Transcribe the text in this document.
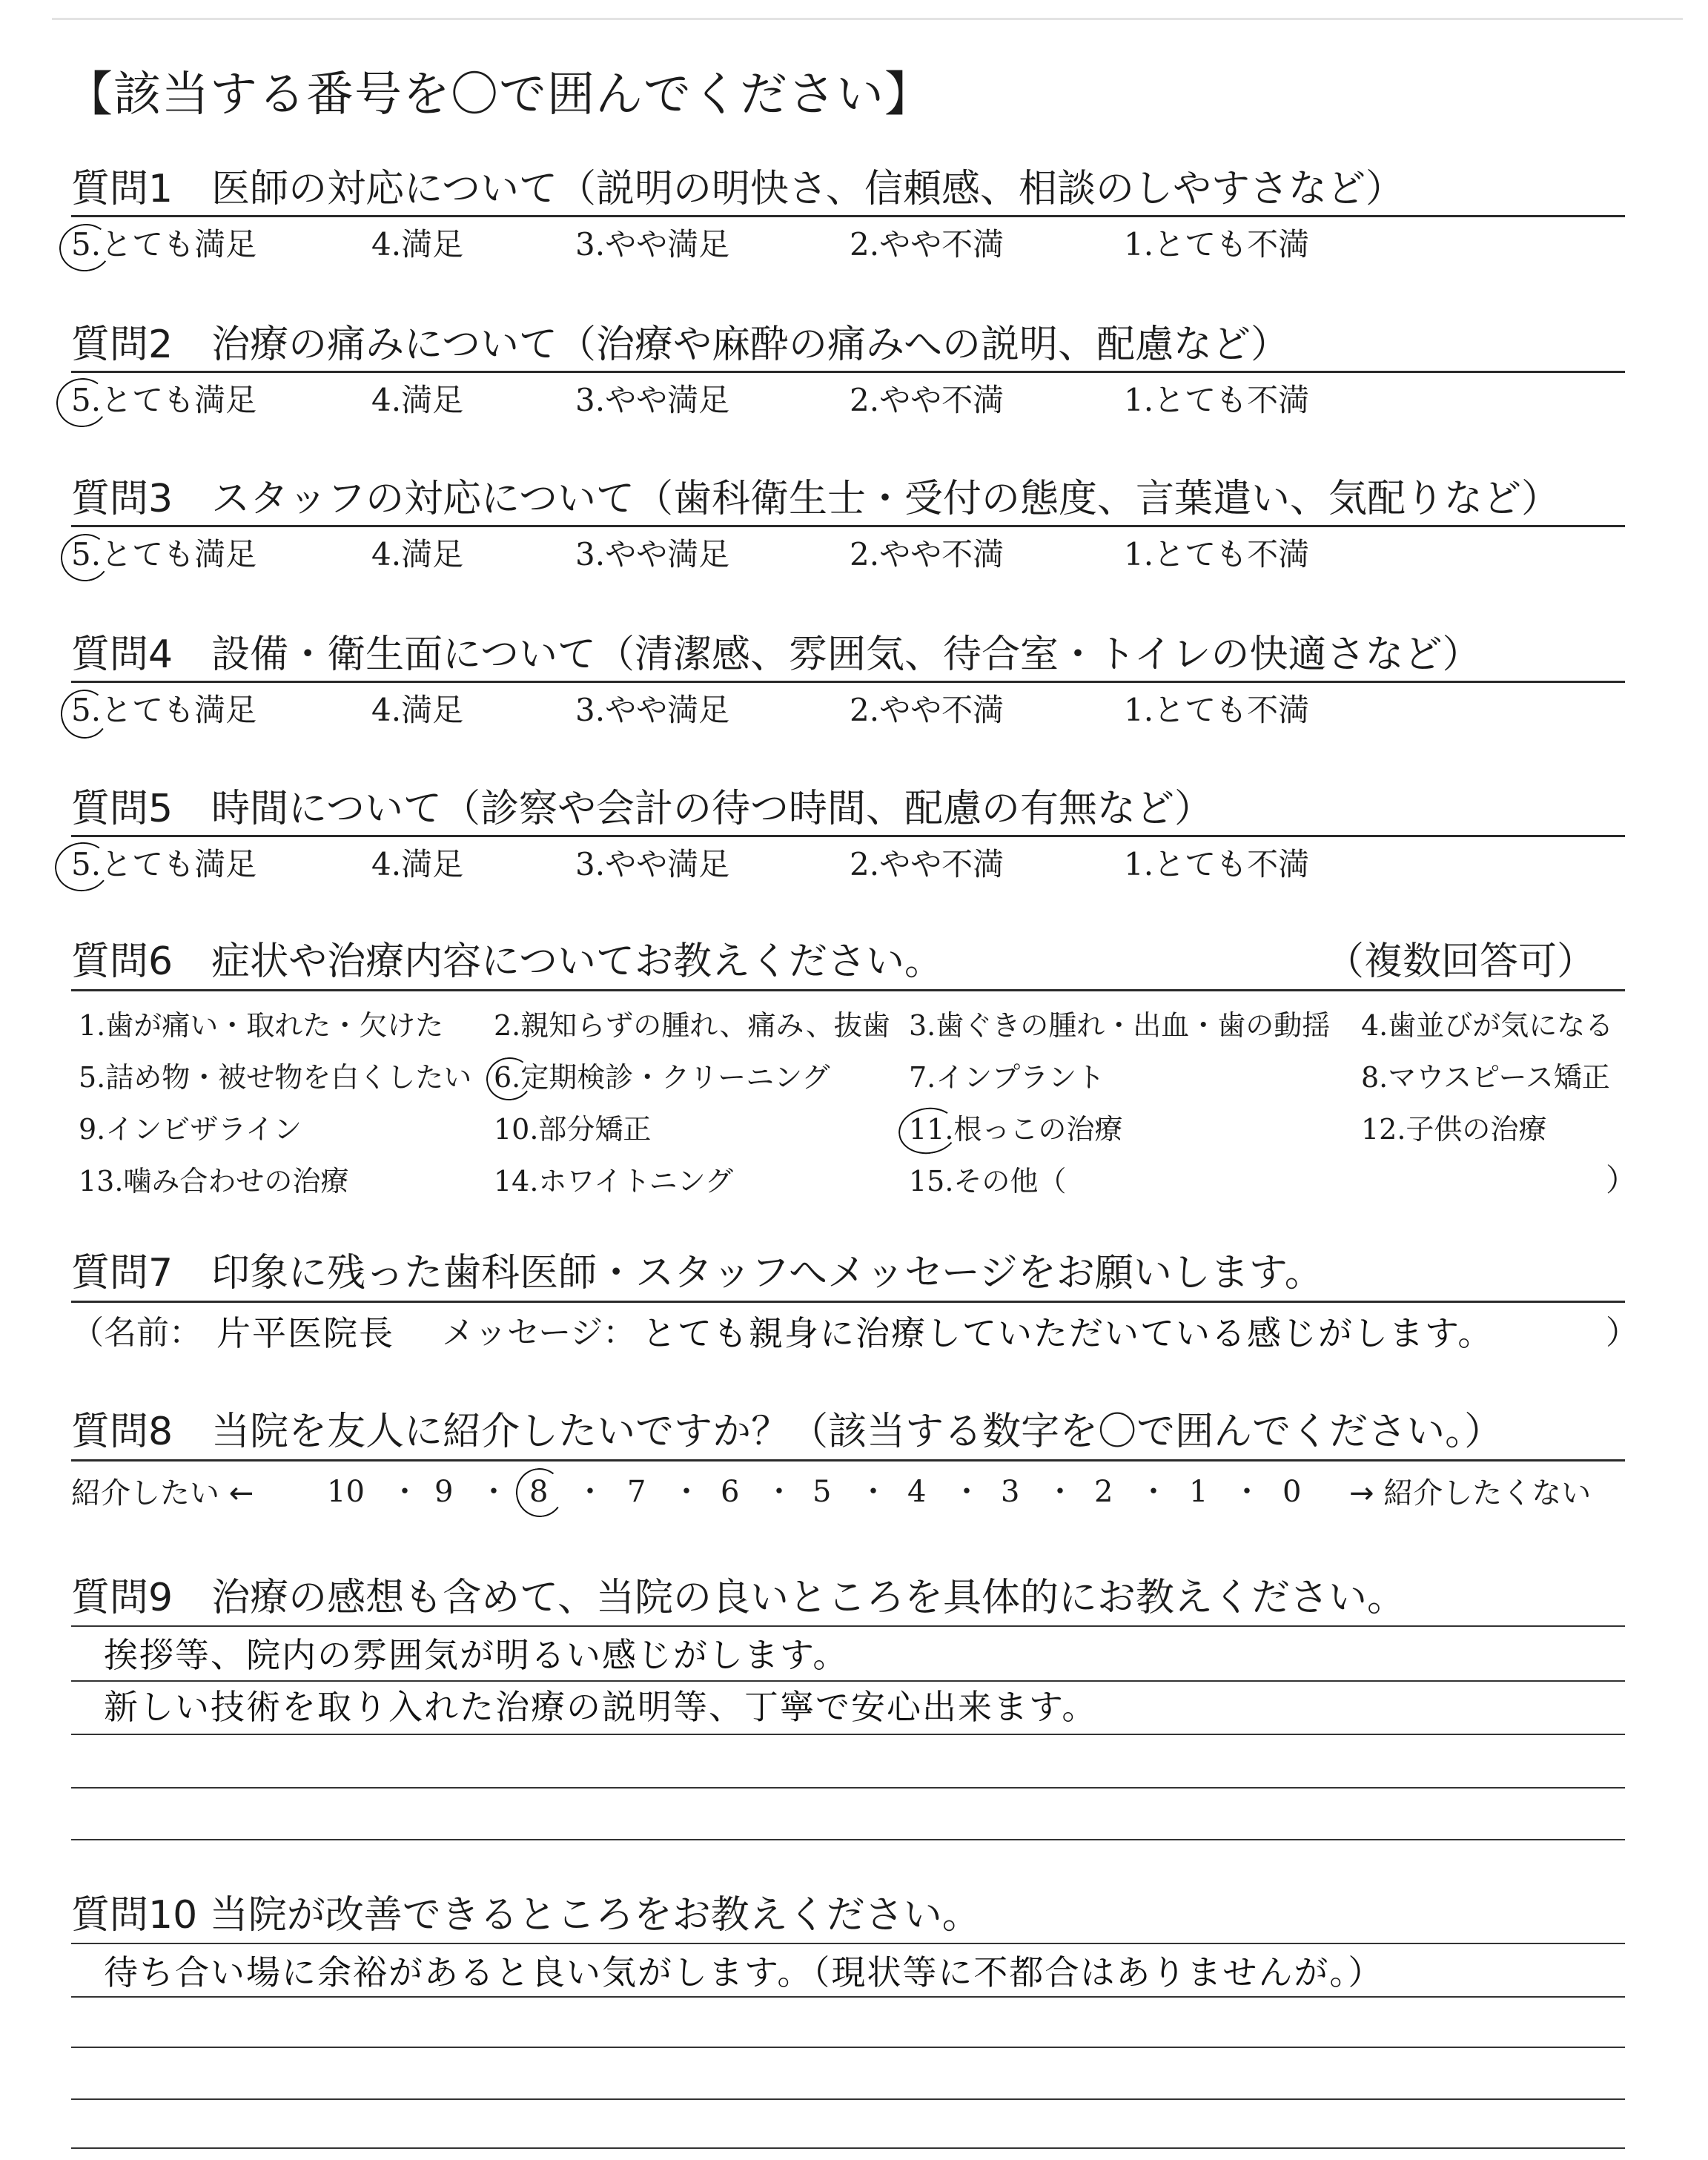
【該当する番号を〇で囲んでください】
質問1　医師の対応について（説明の明快さ、信頼感、相談のしやすさなど）
5.とても満足	4.満足	3.やや満足	2.やや不満	1.とても不満
質問2　治療の痛みについて（治療や麻酔の痛みへの説明、配慮など）
5.とても満足	4.満足	3.やや満足	2.やや不満	1.とても不満
質問3　スタッフの対応について（歯科衛生士・受付の態度、言葉遣い、気配りなど）
5.とても満足	4.満足	3.やや満足	2.やや不満	1.とても不満
質問4　設備・衛生面について（清潔感、雰囲気、待合室・トイレの快適さなど）
5.とても満足	4.満足	3.やや満足	2.やや不満	1.とても不満
質問5　時間について（診察や会計の待つ時間、配慮の有無など）
5.とても満足	4.満足	3.やや満足	2.やや不満	1.とても不満
質問6　症状や治療内容についてお教えください。	（複数回答可）
1.歯が痛い・取れた・欠けた 2.親知らずの腫れ、痛み、抜歯 3.歯ぐきの腫れ・出血・歯の動揺 4.歯並びが気になる
5.詰め物・被せ物を白くしたい 6.定期検診・クリーニング	7.インプラント	8.マウスピース矯正
9.インビザライン	10.部分矯正	11.根っこの治療	12.子供の治療
13.噛み合わせの治療	14.ホワイトニング	15.その他（	）
質問7　印象に残った歯科医師・スタッフへメッセージをお願いします。
（名前： 片平医院長 メッセージ： とても親身に治療していただいている感じがします。	）
質問8　当院を友人に紹介したいですか？（該当する数字を〇で囲んでください。）
紹介したい ← 10 ・ 9 ・ 8 ・ 7 ・ 6 ・ 5 ・ 4 ・ 3 ・ 2 ・ 1 ・ 0 → 紹介したくない
質問9　治療の感想も含めて、当院の良いところを具体的にお教えください。
挨拶等、院内の雰囲気が明るい感じがします。
新しい技術を取り入れた治療の説明等、丁寧で安心出来ます。
質問10 当院が改善できるところをお教えください。
待ち合い場に余裕があると良い気がします。（現状等に不都合はありませんが。）
